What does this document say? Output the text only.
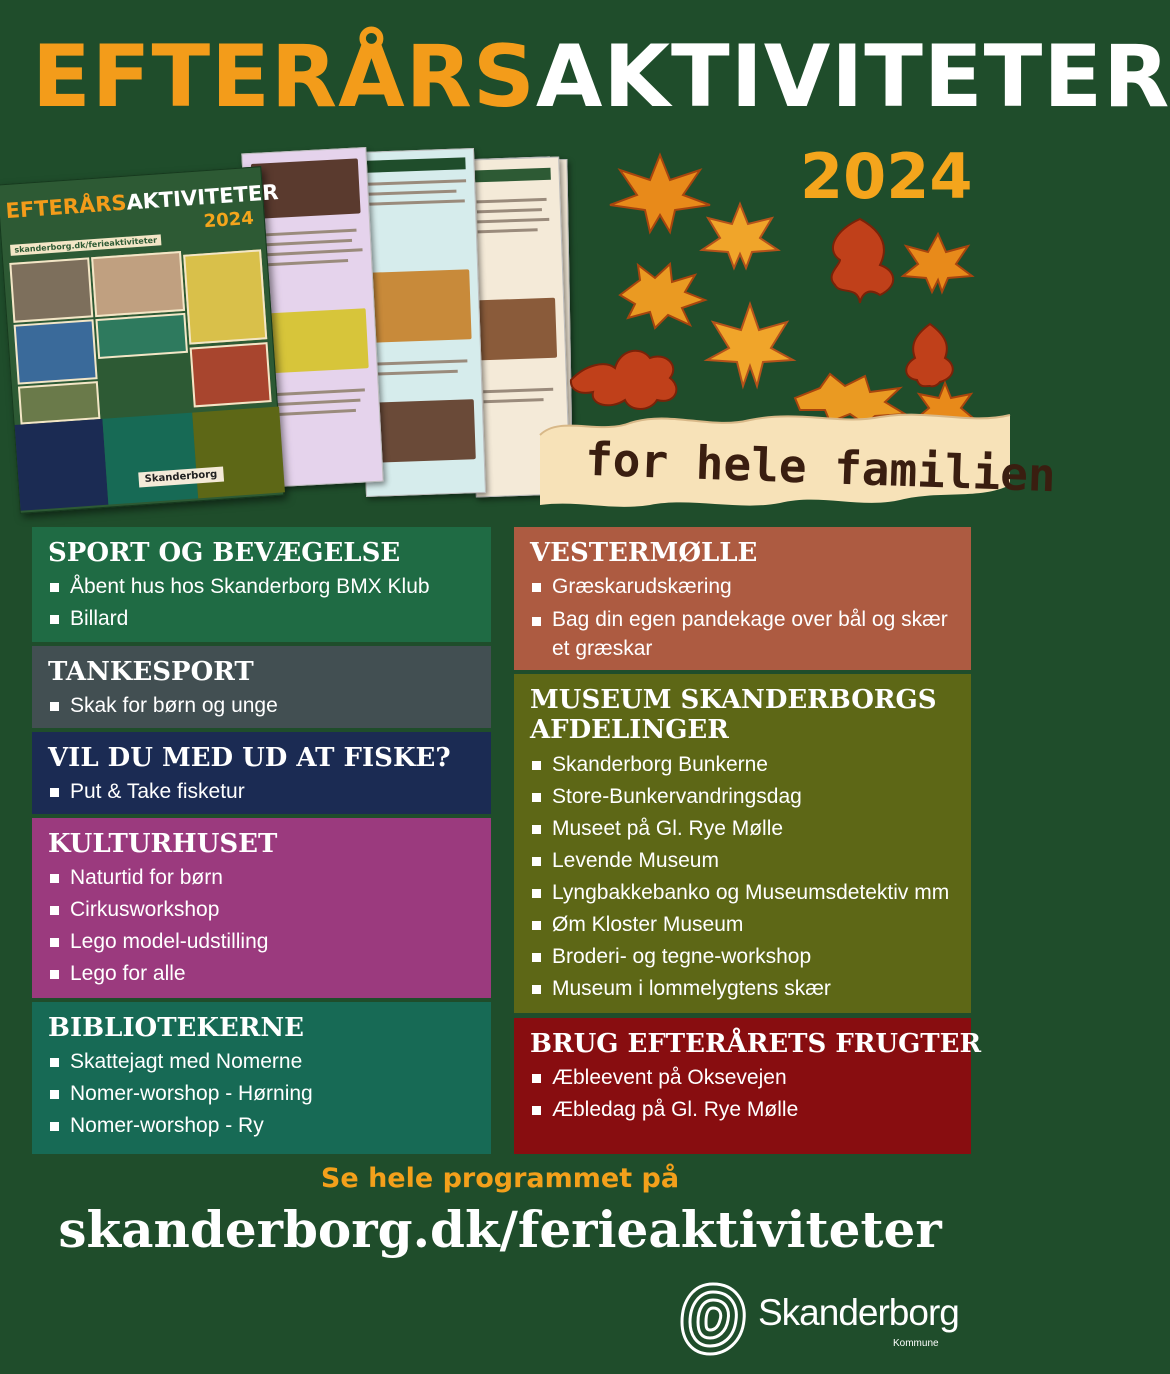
EFTERÅRSAKTIVITETER
2024
EFTERÅRSAKTIVITETER
2024
skanderborg.dk/ferieaktiviteter
Skanderborg	for hele familien
SPORT OG BEVÆGELSE
Åbent hus hos Skanderborg BMX Klub
Billard
TANKESPORT
Skak for børn og unge
VIL DU MED UD AT FISKE?
Put & Take fisketur
KULTURHUSET
Naturtid for børn
Cirkusworkshop
Lego model-udstilling
Lego for alle
BIBLIOTEKERNE
Skattejagt med Nomerne
Nomer-worshop - Hørning
Nomer-worshop - Ry
VESTERMØLLE
Græskarudskæring
Bag din egen pandekage over bål og skær et græskar
MUSEUM SKANDERBORGS AFDELINGER
Skanderborg Bunkerne
Store-Bunkervandringsdag
Museet på Gl. Rye Mølle
Levende Museum
Lyngbakkebanko og Museumsdetektiv mm
Øm Kloster Museum
Broderi- og tegne-workshop
Museum i lommelygtens skær
BRUG EFTERÅRETS FRUGTER
Æbleevent på Oksevejen
Æbledag på Gl. Rye Mølle
Se hele programmet på
skanderborg.dk/ferieaktiviteter
Skanderborg
Kommune
